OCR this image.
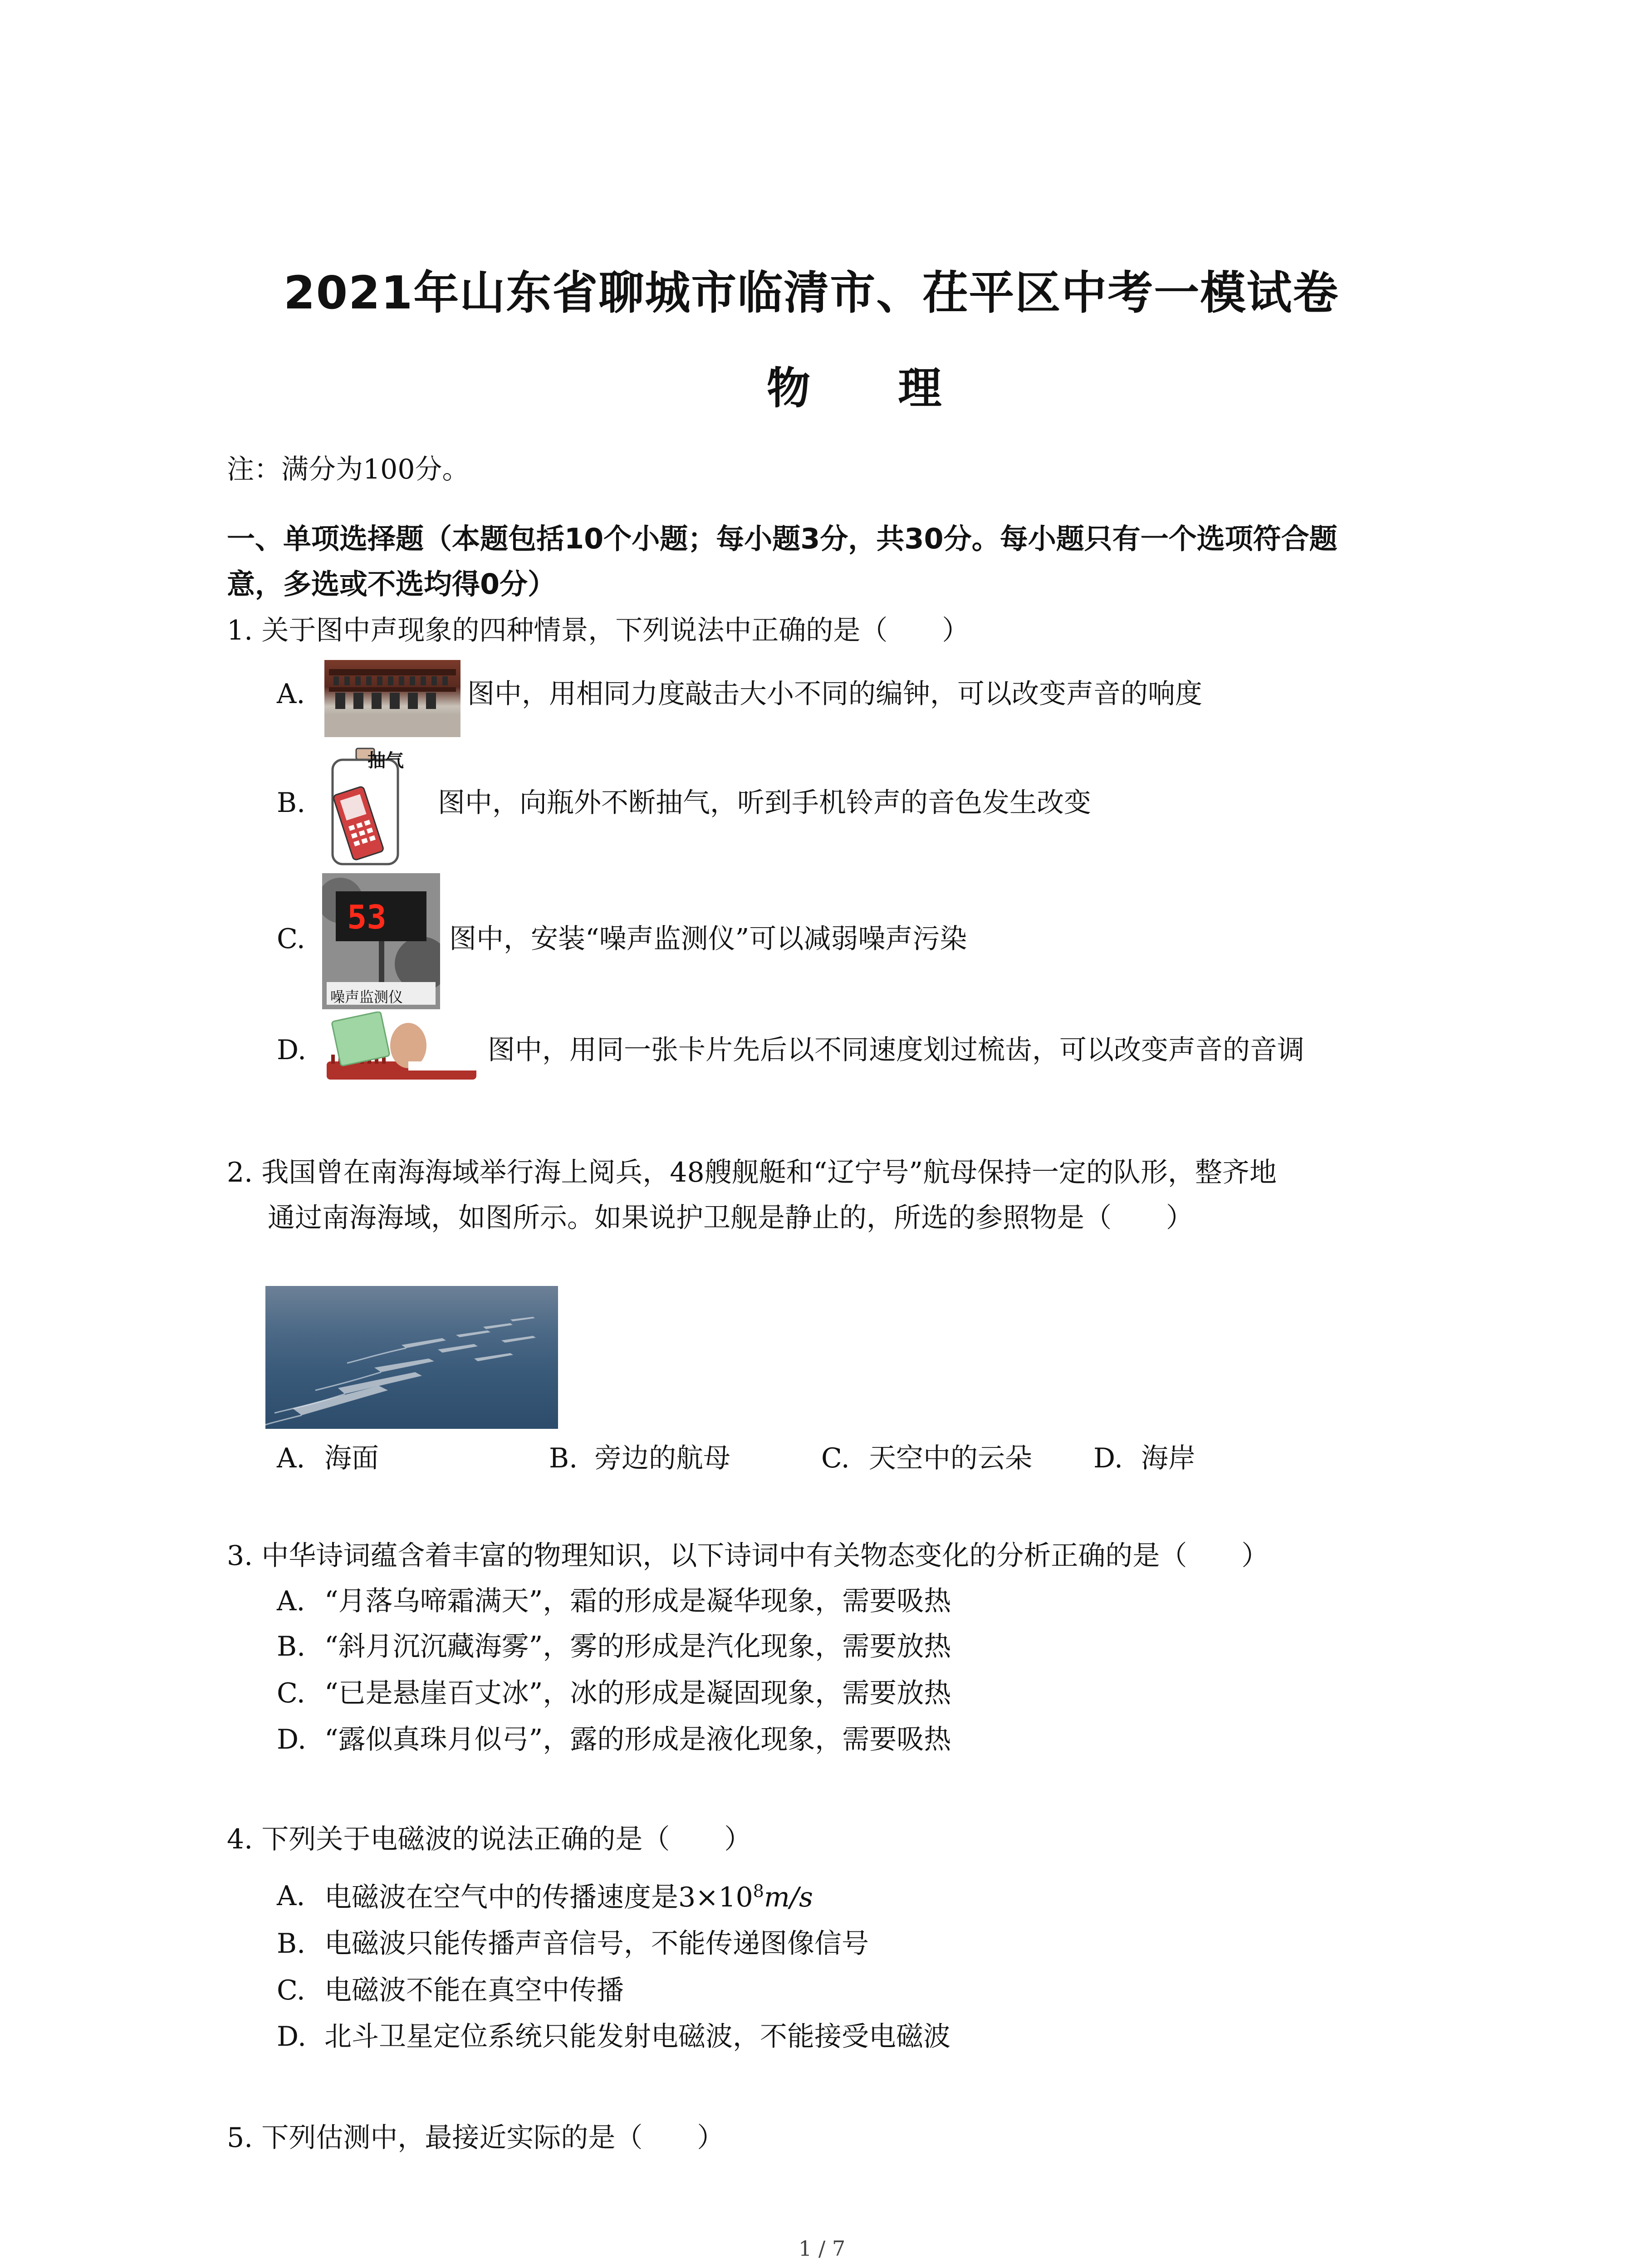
2021年山东省聊城市临清市、茌平区中考一模试卷
物 理
注：满分为100分。
一、单项选择题（本题包括10个小题；每小题3分，共30分。每小题只有一个选项符合题
意，多选或不选均得0分）
1. 关于图中声现象的四种情景，下列说法中正确的是（　　）
A.	图中，用相同力度敲击大小不同的编钟，可以改变声音的响度
B.
抽气
图中，向瓶外不断抽气，听到手机铃声的音色发生改变
C.
53
噪声监测仪
图中，安装“噪声监测仪”可以减弱噪声污染
D.	图中，用同一张卡片先后以不同速度划过梳齿，可以改变声音的音调
2. 我国曾在南海海域举行海上阅兵，48艘舰艇和“辽宁号”航母保持一定的队形，整齐地
通过南海海域，如图所示。如果说护卫舰是静止的，所选的参照物是（　　）
A. 海面	B. 旁边的航母	C. 天空中的云朵 D. 海岸
3. 中华诗词蕴含着丰富的物理知识，以下诗词中有关物态变化的分析正确的是（　　）
A. “月落乌啼霜满天”，霜的形成是凝华现象，需要吸热
B. “斜月沉沉藏海雾”，雾的形成是汽化现象，需要放热
C. “已是悬崖百丈冰”，冰的形成是凝固现象，需要放热
D. “露似真珠月似弓”，露的形成是液化现象，需要吸热
4. 下列关于电磁波的说法正确的是（　　）
A. 电磁波在空气中的传播速度是$3\times 10^8m/s$
B. 电磁波只能传播声音信号，不能传递图像信号
C. 电磁波不能在真空中传播
D. 北斗卫星定位系统只能发射电磁波，不能接受电磁波
5. 下列估测中，最接近实际的是（　　）
1 / 7
